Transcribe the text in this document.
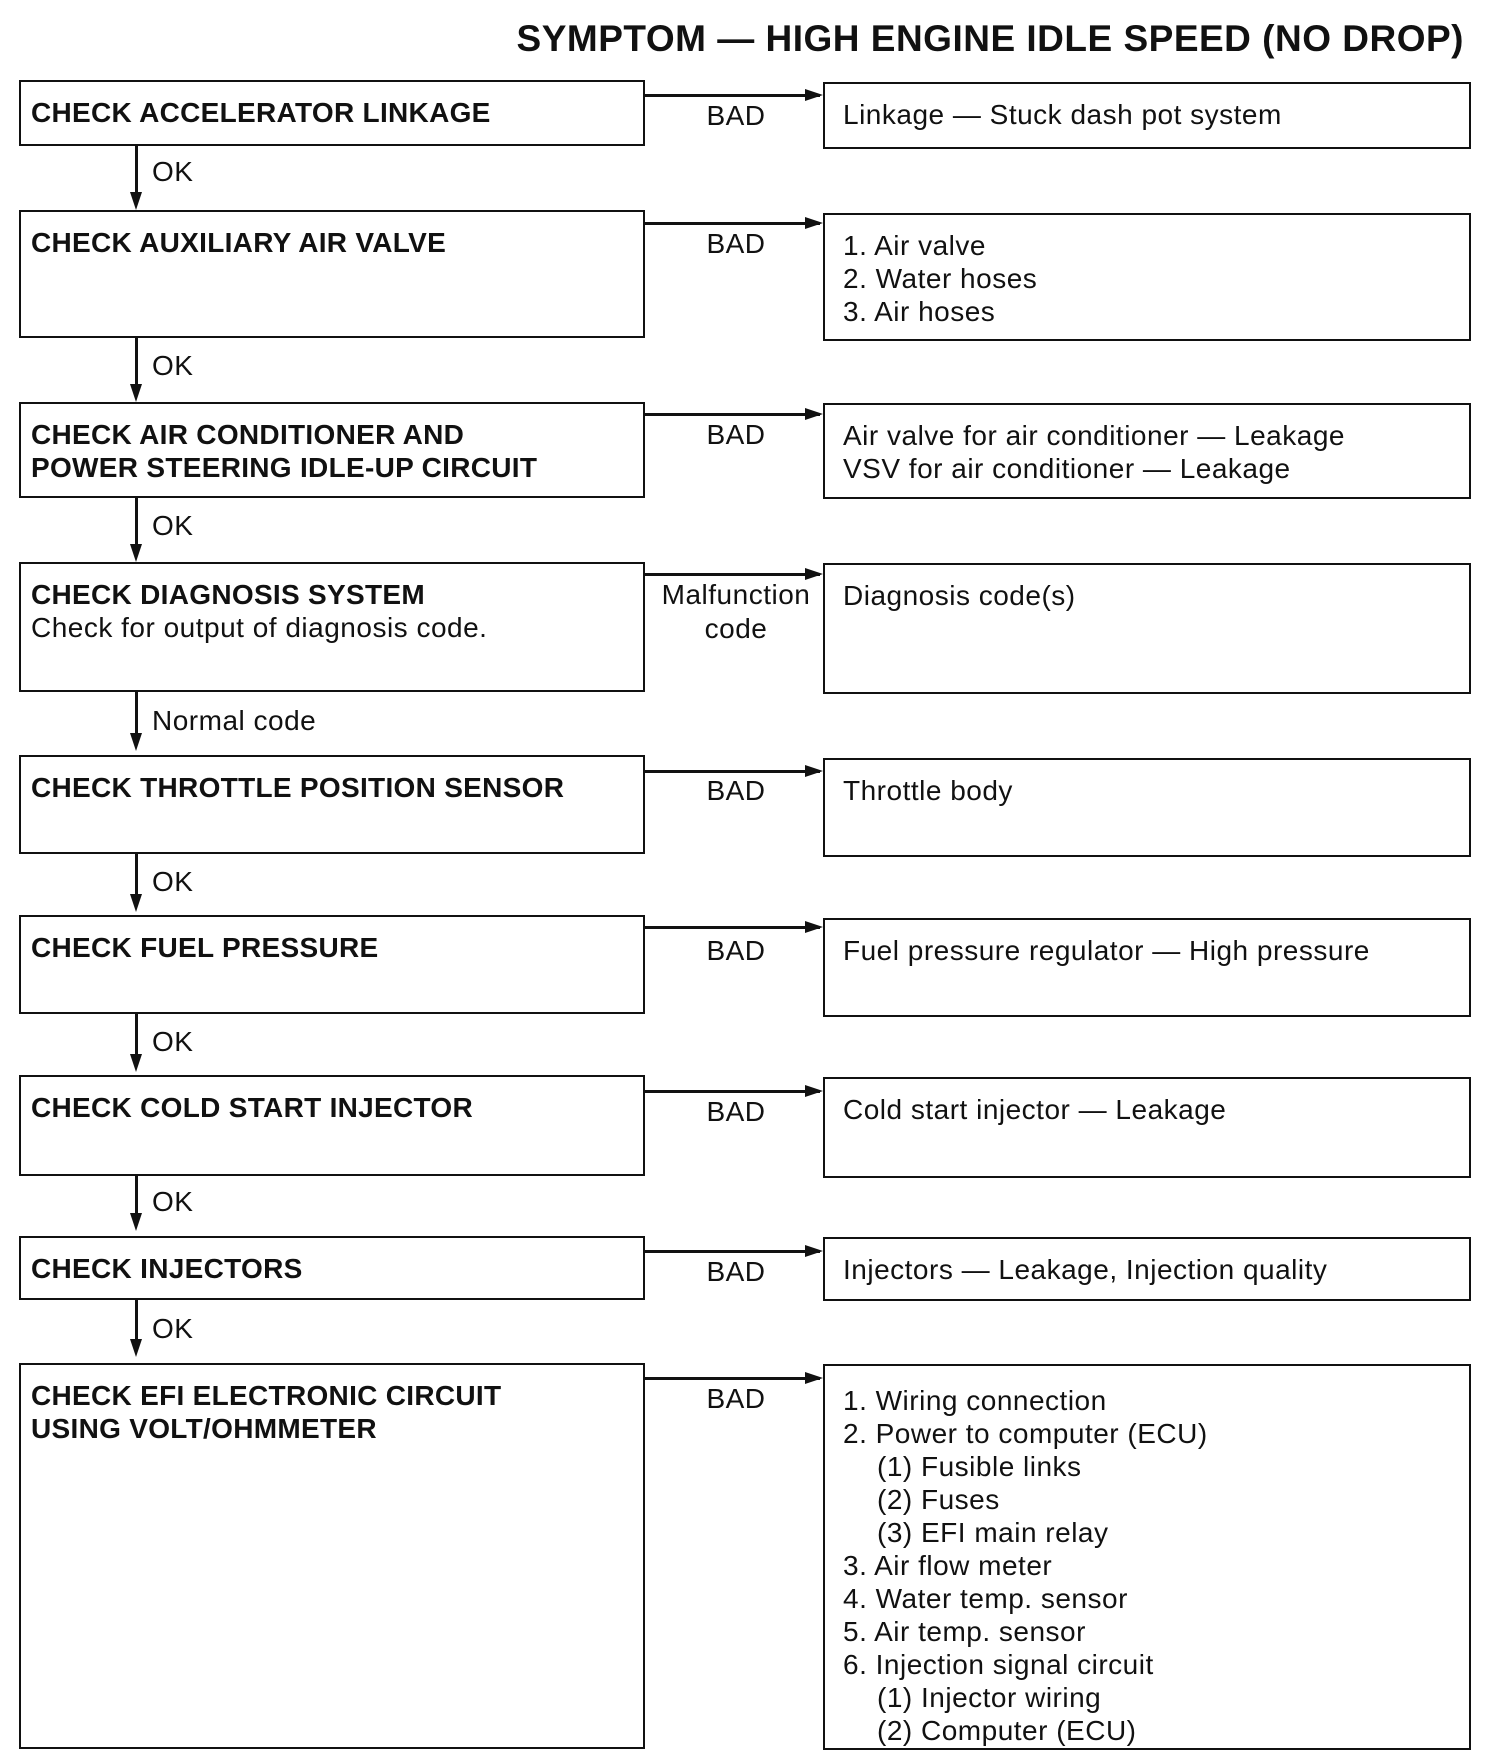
SYMPTOM — HIGH ENGINE IDLE SPEED (NO DROP)
CHECK ACCELERATOR LINKAGE	BAD	Linkage — Stuck dash pot system
OK
CHECK AUXILIARY AIR VALVE	BAD	1. Air valve
2. Water hoses
3. Air hoses
OK
CHECK AIR CONDITIONER AND
POWER STEERING IDLE-UP CIRCUIT
BAD	Air valve for air conditioner — Leakage
VSV for air conditioner — Leakage
OK
CHECK DIAGNOSIS SYSTEM
Check for output of diagnosis code.
Malfunction
code
Diagnosis code(s)
Normal code
CHECK THROTTLE POSITION SENSOR	BAD	Throttle body
OK
CHECK FUEL PRESSURE	BAD	Fuel pressure regulator — High pressure
OK
CHECK COLD START INJECTOR	BAD	Cold start injector — Leakage
OK
CHECK INJECTORS	BAD	Injectors — Leakage, Injection quality
OK
CHECK EFI ELECTRONIC CIRCUIT
USING VOLT/OHMMETER
BAD	1. Wiring connection
2. Power to computer (ECU)
(1) Fusible links
(2) Fuses
(3) EFI main relay
3. Air flow meter
4. Water temp. sensor
5. Air temp. sensor
6. Injection signal circuit
(1) Injector wiring
(2) Computer (ECU)
